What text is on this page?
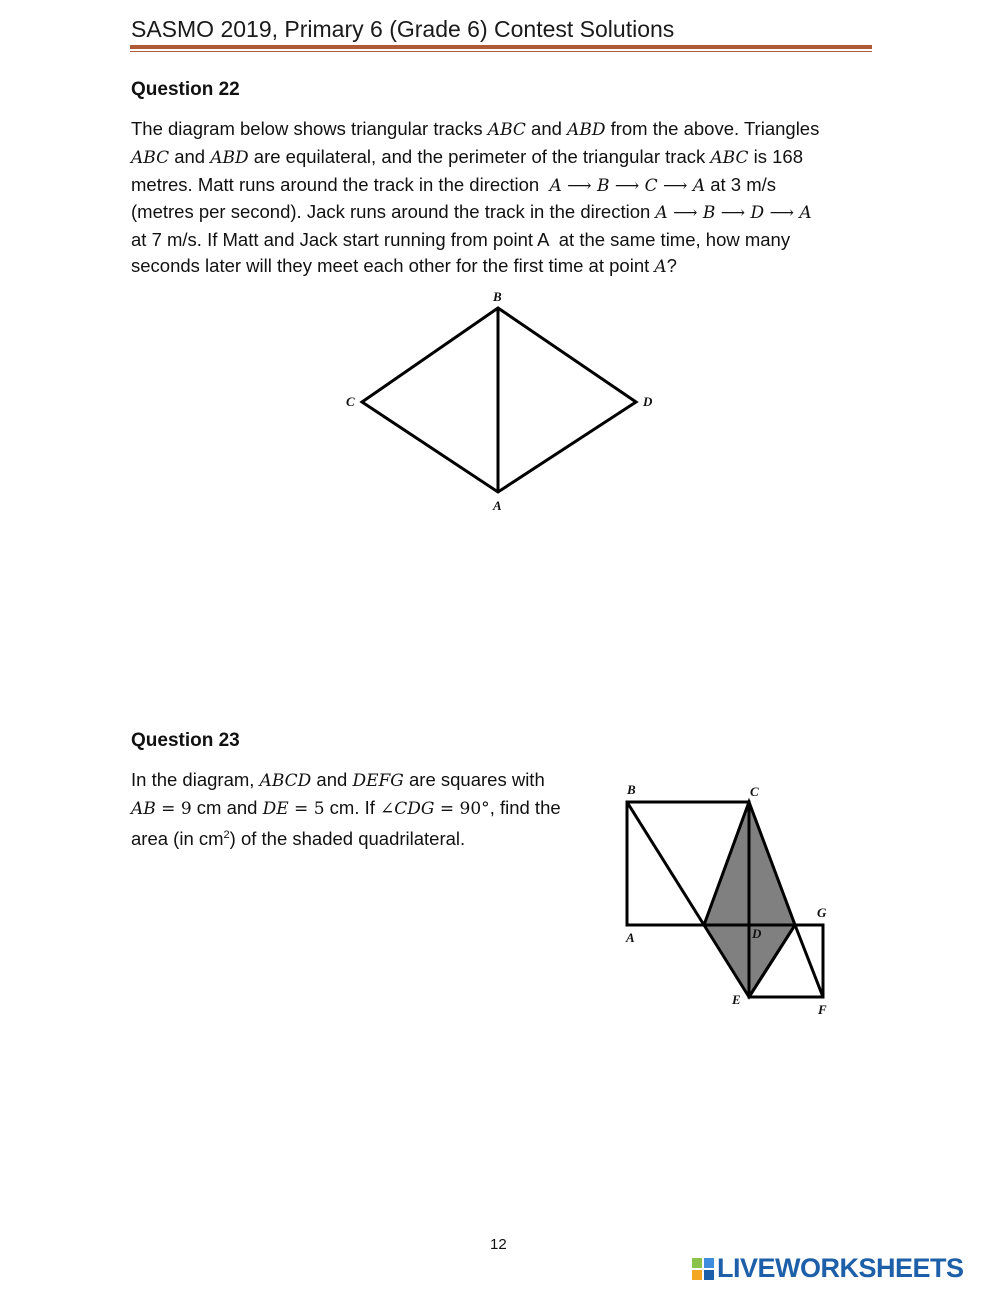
SASMO 2019, Primary 6 (Grade 6) Contest Solutions
Question 22
The diagram below shows triangular tracks ABC and ABD from the above. Triangles
ABC and ABD are equilateral, and the perimeter of the triangular track ABC is 168
metres. Matt runs around the track in the direction  A ⟶ B ⟶ C ⟶ A at 3 m/s
(metres per second). Jack runs around the track in the direction A ⟶ B ⟶ D ⟶ A
at 7 m/s. If Matt and Jack start running from point A  at the same time, how many
seconds later will they meet each other for the first time at point A?
B
C	D
A
Question 23
In the diagram, ABCD and DEFG are squares with
AB = 9 cm and DE = 5 cm. If ∠CDG = 90°, find the
area (in $cm^2$) of the shaded quadrilateral.
B	C
G
A	D
E
F
12
LIVEWORKSHEETS
